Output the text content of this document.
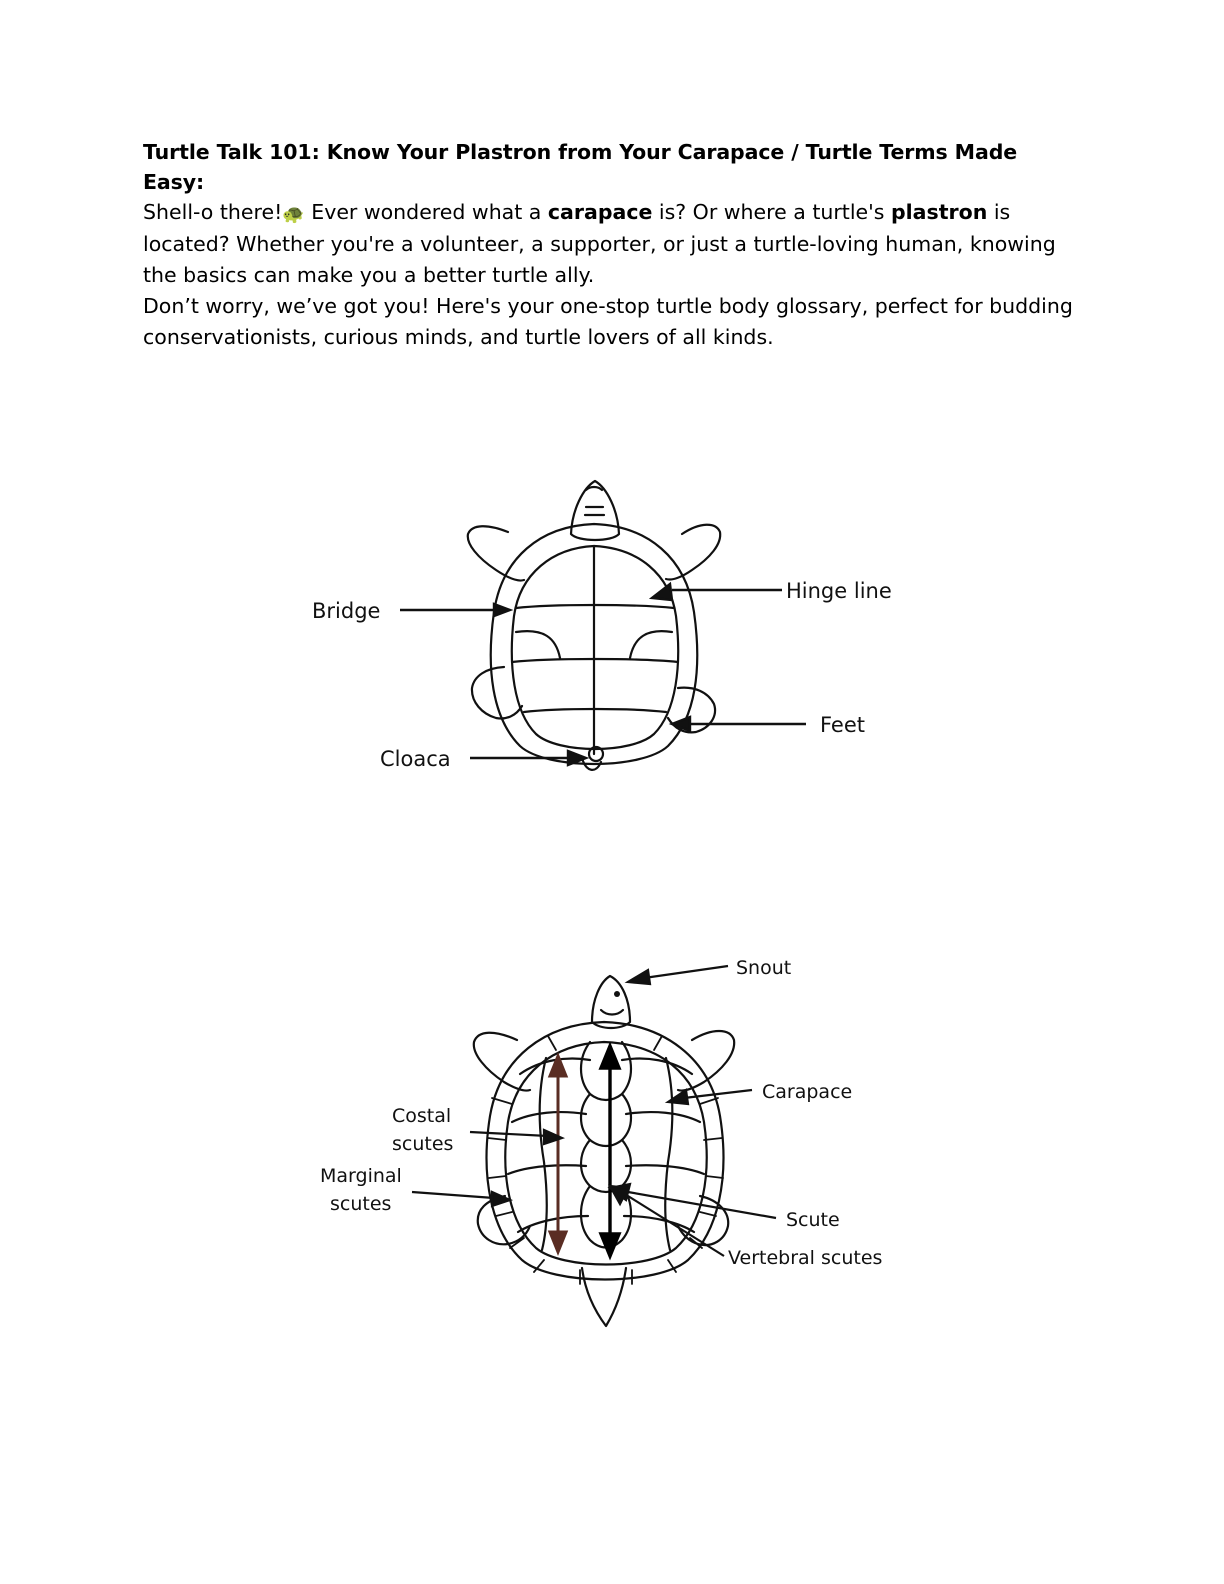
Turtle Talk 101: Know Your Plastron from Your Carapace / Turtle Terms Made Easy:

Shell-o there!🐢 Ever wondered what a carapace is? Or where a turtle's plastron is located? Whether you're a volunteer, a supporter, or just a turtle-loving human, knowing the basics can make you a better turtle ally.

Don’t worry, we’ve got you! Here's your one-stop turtle body glossary, perfect for budding conservationists, curious minds, and turtle lovers of all kinds.

Bridge
Hinge line
Feet
Cloaca
Snout
Carapace
Costal
scutes
Marginal
scutes
Scute
Vertebral scutes
